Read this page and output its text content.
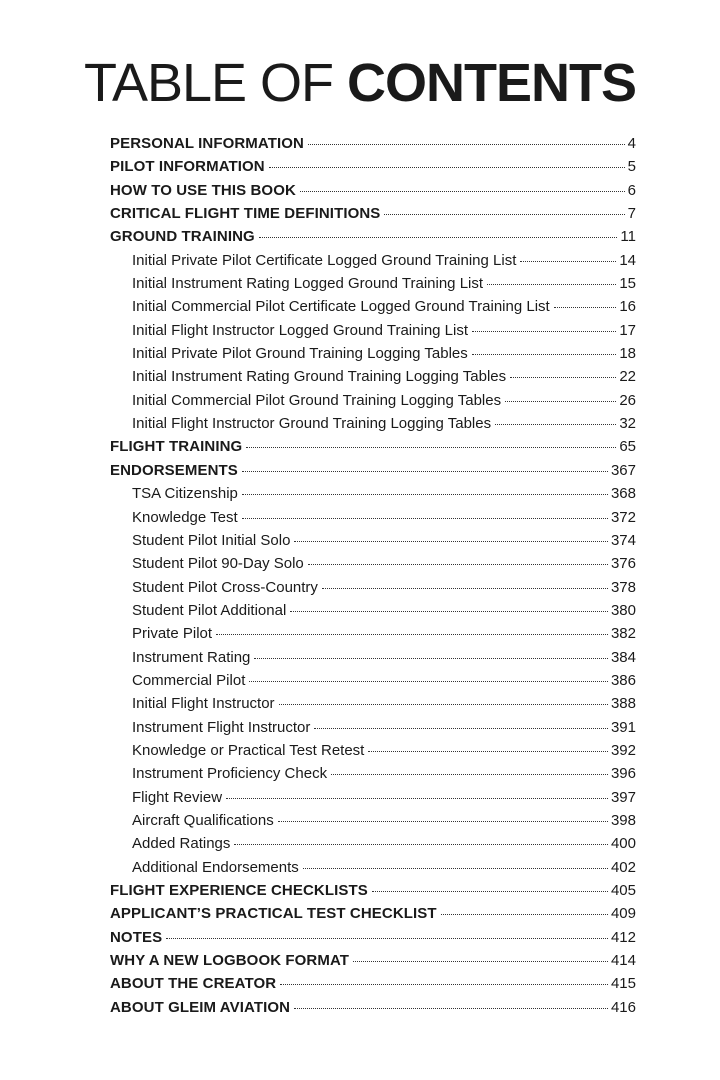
TABLE OF CONTENTS
PERSONAL INFORMATION	4
PILOT INFORMATION	5
HOW TO USE THIS BOOK	6
CRITICAL FLIGHT TIME DEFINITIONS	7
GROUND TRAINING	11
Initial Private Pilot Certificate Logged Ground Training List	14
Initial Instrument Rating Logged Ground Training List	15
Initial Commercial Pilot Certificate Logged Ground Training List	16
Initial Flight Instructor Logged Ground Training List	17
Initial Private Pilot Ground Training Logging Tables	18
Initial Instrument Rating Ground Training Logging Tables	22
Initial Commercial Pilot Ground Training Logging Tables	26
Initial Flight Instructor Ground Training Logging Tables	32
FLIGHT TRAINING	65
ENDORSEMENTS	367
TSA Citizenship	368
Knowledge Test	372
Student Pilot Initial Solo	374
Student Pilot 90-Day Solo	376
Student Pilot Cross-Country	378
Student Pilot Additional	380
Private Pilot	382
Instrument Rating	384
Commercial Pilot	386
Initial Flight Instructor	388
Instrument Flight Instructor	391
Knowledge or Practical Test Retest	392
Instrument Proficiency Check	396
Flight Review	397
Aircraft Qualifications	398
Added Ratings	400
Additional Endorsements	402
FLIGHT EXPERIENCE CHECKLISTS	405
APPLICANT’S PRACTICAL TEST CHECKLIST	409
NOTES	412
WHY A NEW LOGBOOK FORMAT	414
ABOUT THE CREATOR	415
ABOUT GLEIM AVIATION	416
